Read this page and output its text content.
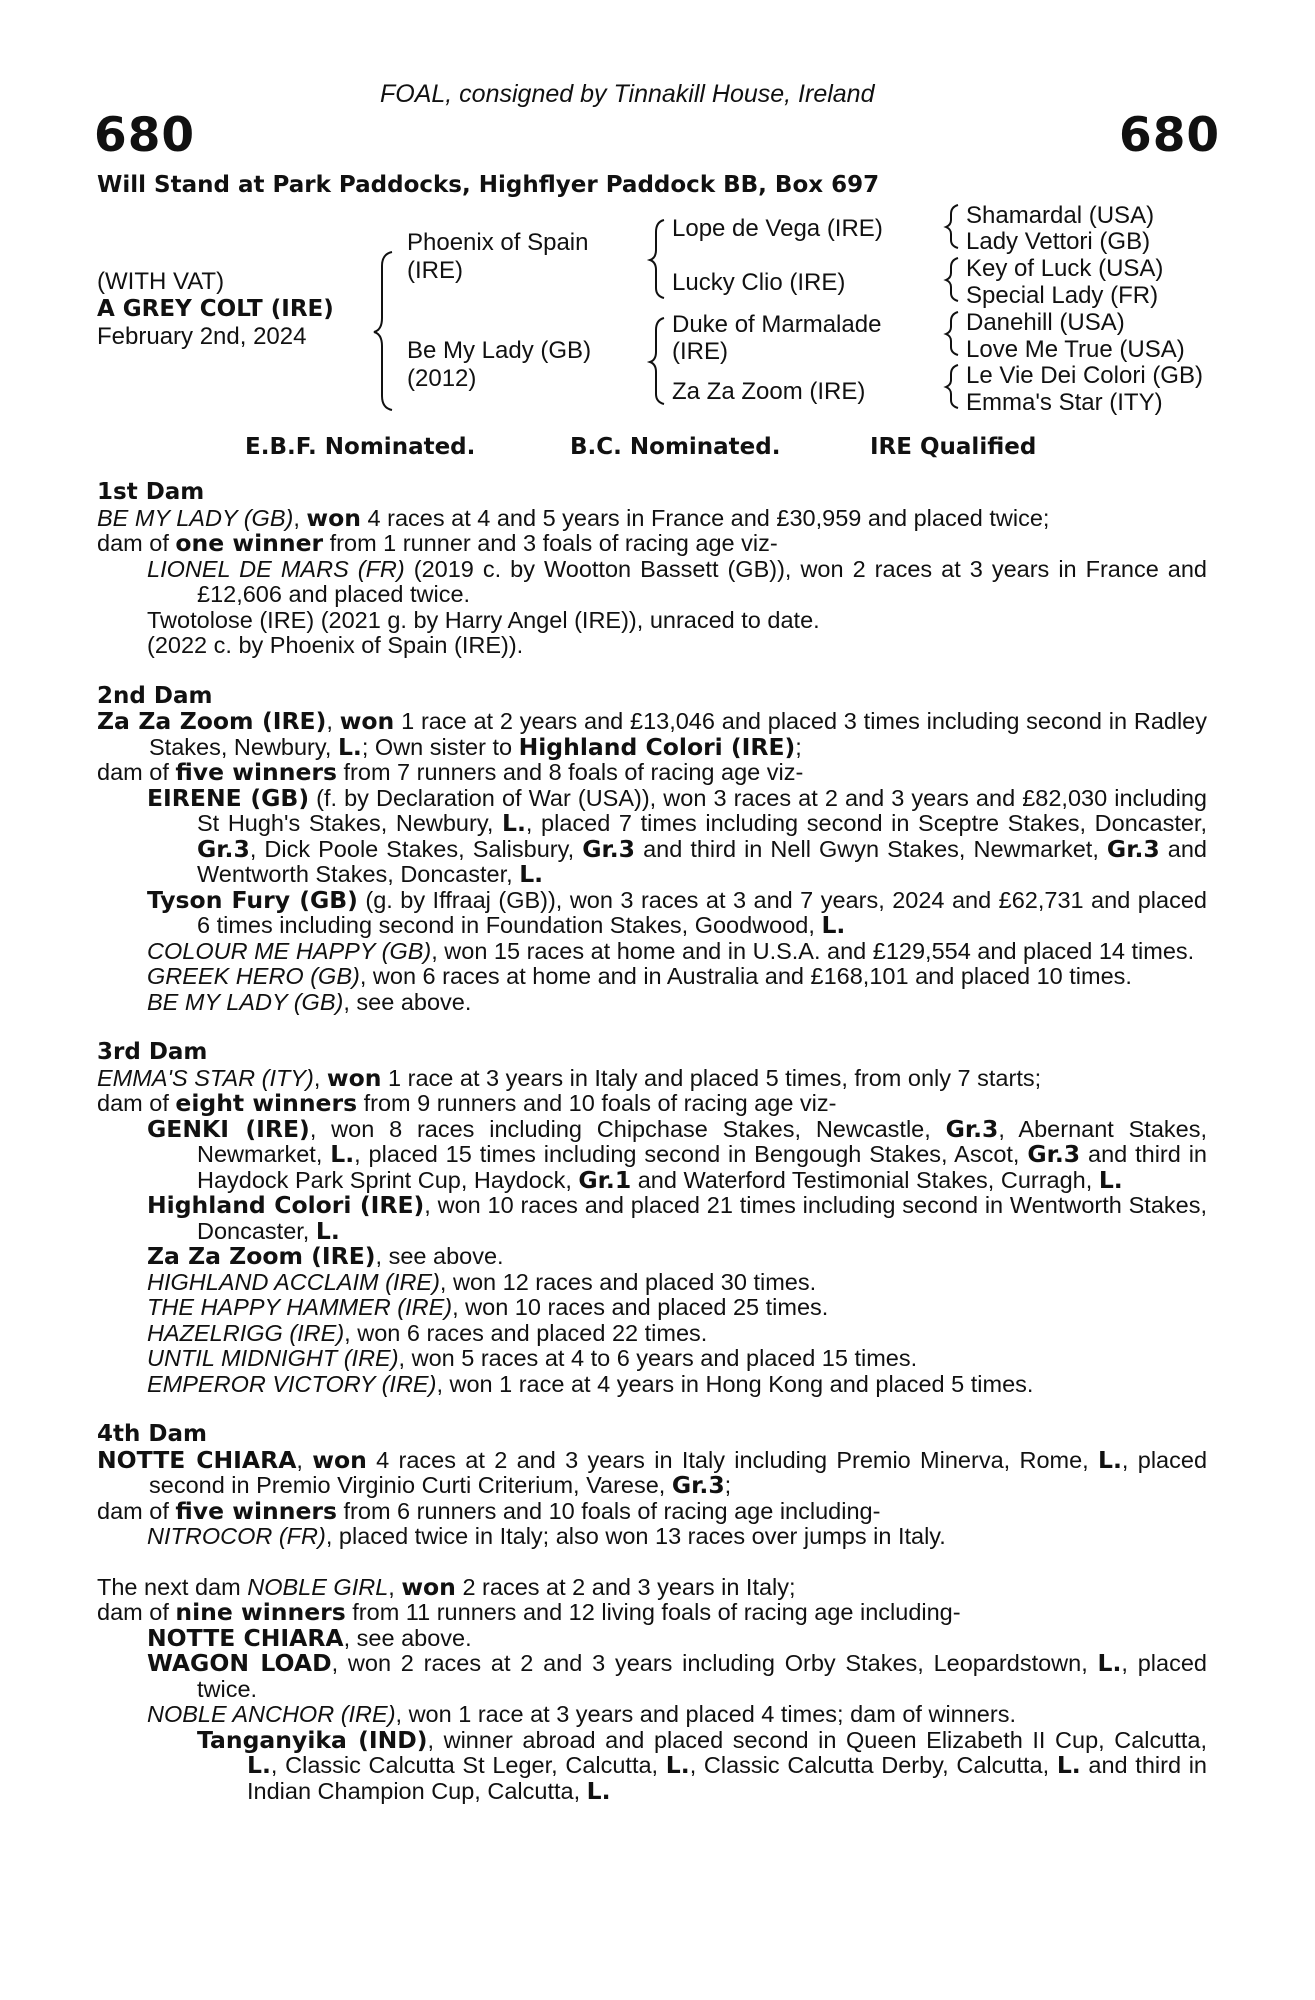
FOAL, consigned by Tinnakill House, Ireland
680	680
Will Stand at Park Paddocks, Highflyer Paddock BB, Box 697
(WITH VAT)
A GREY COLT (IRE)
February 2nd, 2024
Phoenix of Spain
(IRE)
Be My Lady (GB)
(2012)
Lope de Vega (IRE)
Lucky Clio (IRE)
Duke of Marmalade
(IRE)
Za Za Zoom (IRE)
Shamardal (USA)
Lady Vettori (GB)
Key of Luck (USA)
Special Lady (FR)
Danehill (USA)
Love Me True (USA)
Le Vie Dei Colori (GB)
Emma's Star (ITY)
E.B.F. Nominated.	B.C. Nominated.	IRE Qualified
1st Dam
BE MY LADY (GB), won 4 races at 4 and 5 years in France and £30,959 and placed twice;
dam of one winner from 1 runner and 3 foals of racing age viz-
LIONEL DE MARS (FR) (2019 c. by Wootton Bassett (GB)), won 2 races at 3 years in France and £12,606 and placed twice.
Twotolose (IRE) (2021 g. by Harry Angel (IRE)), unraced to date.
(2022 c. by Phoenix of Spain (IRE)).
2nd Dam
Za Za Zoom (IRE), won 1 race at 2 years and £13,046 and placed 3 times including second in Radley Stakes, Newbury, L.; Own sister to Highland Colori (IRE);
dam of five winners from 7 runners and 8 foals of racing age viz-
EIRENE (GB) (f. by Declaration of War (USA)), won 3 races at 2 and 3 years and £82,030 including St Hugh's Stakes, Newbury, L., placed 7 times including second in Sceptre Stakes, Doncaster, Gr.3, Dick Poole Stakes, Salisbury, Gr.3 and third in Nell Gwyn Stakes, Newmarket, Gr.3 and Wentworth Stakes, Doncaster, L.
Tyson Fury (GB) (g. by Iffraaj (GB)), won 3 races at 3 and 7 years, 2024 and £62,731 and placed 6 times including second in Foundation Stakes, Goodwood, L.
COLOUR ME HAPPY (GB), won 15 races at home and in U.S.A. and £129,554 and placed 14 times.
GREEK HERO (GB), won 6 races at home and in Australia and £168,101 and placed 10 times.
BE MY LADY (GB), see above.
3rd Dam
EMMA'S STAR (ITY), won 1 race at 3 years in Italy and placed 5 times, from only 7 starts;
dam of eight winners from 9 runners and 10 foals of racing age viz-
GENKI (IRE), won 8 races including Chipchase Stakes, Newcastle, Gr.3, Abernant Stakes, Newmarket, L., placed 15 times including second in Bengough Stakes, Ascot, Gr.3 and third in Haydock Park Sprint Cup, Haydock, Gr.1 and Waterford Testimonial Stakes, Curragh, L.
Highland Colori (IRE), won 10 races and placed 21 times including second in Wentworth Stakes, Doncaster, L.
Za Za Zoom (IRE), see above.
HIGHLAND ACCLAIM (IRE), won 12 races and placed 30 times.
THE HAPPY HAMMER (IRE), won 10 races and placed 25 times.
HAZELRIGG (IRE), won 6 races and placed 22 times.
UNTIL MIDNIGHT (IRE), won 5 races at 4 to 6 years and placed 15 times.
EMPEROR VICTORY (IRE), won 1 race at 4 years in Hong Kong and placed 5 times.
4th Dam
NOTTE CHIARA, won 4 races at 2 and 3 years in Italy including Premio Minerva, Rome, L., placed second in Premio Virginio Curti Criterium, Varese, Gr.3;
dam of five winners from 6 runners and 10 foals of racing age including-
NITROCOR (FR), placed twice in Italy; also won 13 races over jumps in Italy.
The next dam NOBLE GIRL, won 2 races at 2 and 3 years in Italy;
dam of nine winners from 11 runners and 12 living foals of racing age including-
NOTTE CHIARA, see above.
WAGON LOAD, won 2 races at 2 and 3 years including Orby Stakes, Leopardstown, L., placed twice.
NOBLE ANCHOR (IRE), won 1 race at 3 years and placed 4 times; dam of winners.
Tanganyika (IND), winner abroad and placed second in Queen Elizabeth II Cup, Calcutta, L., Classic Calcutta St Leger, Calcutta, L., Classic Calcutta Derby, Calcutta, L. and third in Indian Champion Cup, Calcutta, L.
